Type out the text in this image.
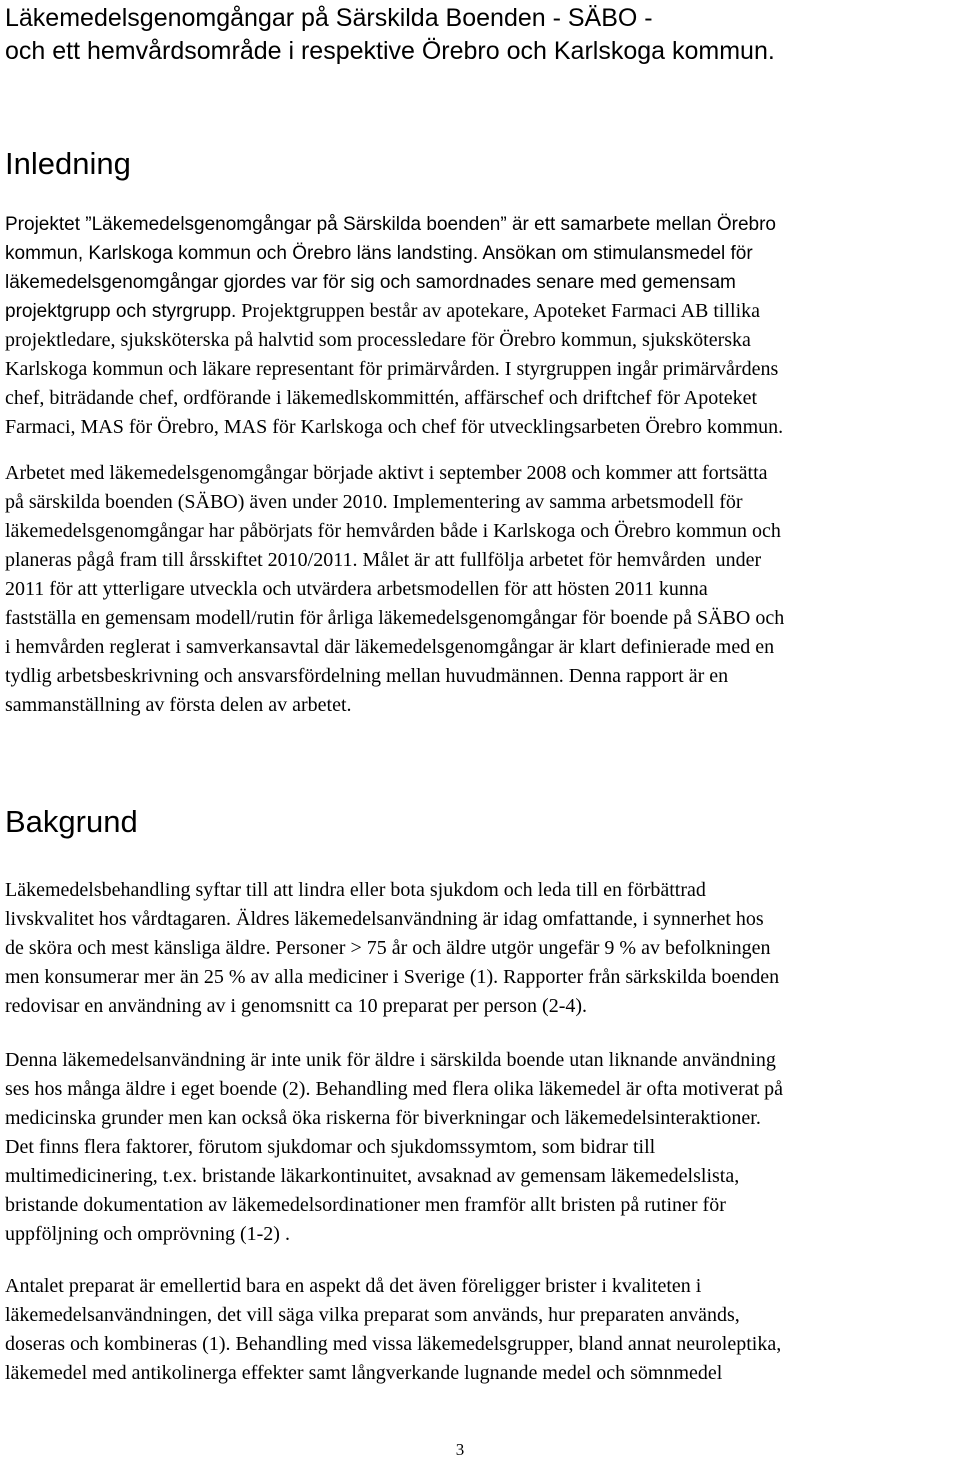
Läkemedelsgenomgångar på Särskilda Boenden - SÄBO -
och ett hemvårdsområde i respektive Örebro och Karlskoga kommun.
Inledning
Projektet ”Läkemedelsgenomgångar på Särskilda boenden” är ett samarbete mellan Örebro
kommun, Karlskoga kommun och Örebro läns landsting. Ansökan om stimulansmedel för
läkemedelsgenomgångar gjordes var för sig och samordnades senare med gemensam
projektgrupp och styrgrupp. Projektgruppen består av apotekare, Apoteket Farmaci AB tillika
projektledare, sjuksköterska på halvtid som processledare för Örebro kommun, sjuksköterska
Karlskoga kommun och läkare representant för primärvården. I styrgruppen ingår primärvårdens
chef, biträdande chef, ordförande i läkemedlskommittén, affärschef och driftchef för Apoteket
Farmaci, MAS för Örebro, MAS för Karlskoga och chef för utvecklingsarbeten Örebro kommun.
Arbetet med läkemedelsgenomgångar började aktivt i september 2008 och kommer att fortsätta
på särskilda boenden (SÄBO) även under 2010. Implementering av samma arbetsmodell för
läkemedelsgenomgångar har påbörjats för hemvården både i Karlskoga och Örebro kommun och
planeras pågå fram till årsskiftet 2010/2011. Målet är att fullfölja arbetet för hemvården  under
2011 för att ytterligare utveckla och utvärdera arbetsmodellen för att hösten 2011 kunna
fastställa en gemensam modell/rutin för årliga läkemedelsgenomgångar för boende på SÄBO och
i hemvården reglerat i samverkansavtal där läkemedelsgenomgångar är klart definierade med en
tydlig arbetsbeskrivning och ansvarsfördelning mellan huvudmännen. Denna rapport är en
sammanställning av första delen av arbetet.
Bakgrund
Läkemedelsbehandling syftar till att lindra eller bota sjukdom och leda till en förbättrad
livskvalitet hos vårdtagaren. Äldres läkemedelsanvändning är idag omfattande, i synnerhet hos
de sköra och mest känsliga äldre. Personer > 75 år och äldre utgör ungefär 9 % av befolkningen
men konsumerar mer än 25 % av alla mediciner i Sverige (1). Rapporter från särkskilda boenden
redovisar en användning av i genomsnitt ca 10 preparat per person (2-4).
Denna läkemedelsanvändning är inte unik för äldre i särskilda boende utan liknande användning
ses hos många äldre i eget boende (2). Behandling med flera olika läkemedel är ofta motiverat på
medicinska grunder men kan också öka riskerna för biverkningar och läkemedelsinteraktioner.
Det finns flera faktorer, förutom sjukdomar och sjukdomssymtom, som bidrar till
multimedicinering, t.ex. bristande läkarkontinuitet, avsaknad av gemensam läkemedelslista,
bristande dokumentation av läkemedelsordinationer men framför allt bristen på rutiner för
uppföljning och omprövning (1-2) .
Antalet preparat är emellertid bara en aspekt då det även föreligger brister i kvaliteten i
läkemedelsanvändningen, det vill säga vilka preparat som används, hur preparaten används,
doseras och kombineras (1). Behandling med vissa läkemedelsgrupper, bland annat neuroleptika,
läkemedel med antikolinerga effekter samt långverkande lugnande medel och sömnmedel
3
